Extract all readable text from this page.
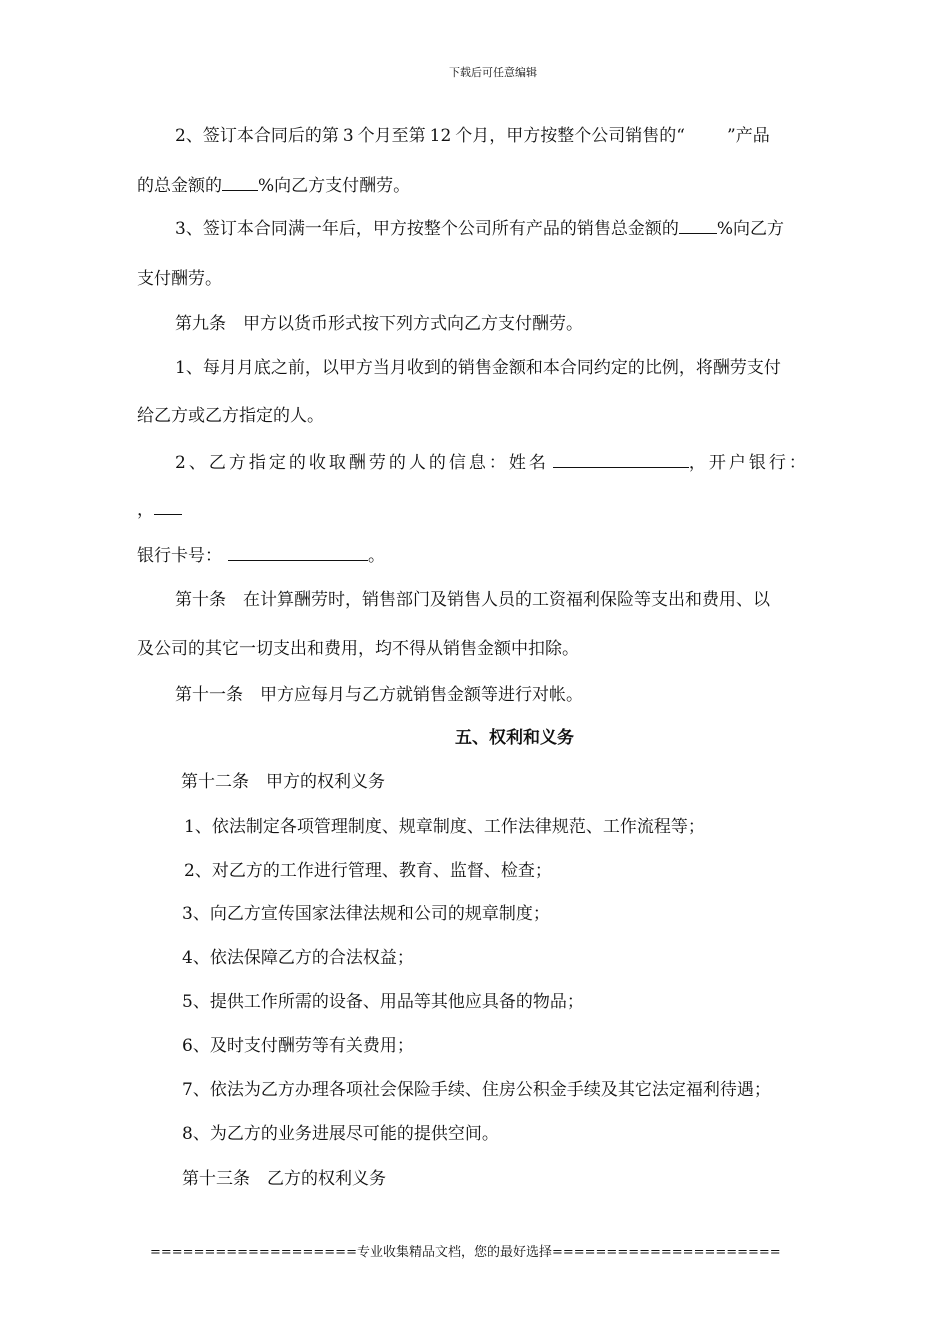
下载后可任意编辑
2、签订本合同后的第 3 个月至第 12 个月，甲方按整个公司销售的“ ”产品
的总金额的 %向乙方支付酬劳。
3、签订本合同满一年后，甲方按整个公司所有产品的销售总金额的 %向乙方
支付酬劳。
第九条　甲方以货币形式按下列方式向乙方支付酬劳。
1、每月月底之前，以甲方当月收到的销售金额和本合同约定的比例，将酬劳支付
给乙方或乙方指定的人。
2、乙方指定的收取酬劳的人的信息：姓名	，开户银行：
，
银行卡号：	。
第十条　在计算酬劳时，销售部门及销售人员的工资福利保险等支出和费用、以
及公司的其它一切支出和费用，均不得从销售金额中扣除。
第十一条　甲方应每月与乙方就销售金额等进行对帐。
五、权利和义务
第十二条　甲方的权利义务
1、依法制定各项管理制度、规章制度、工作法律规范、工作流程等；
2、对乙方的工作进行管理、教育、监督、检查；
3、向乙方宣传国家法律法规和公司的规章制度；
4、依法保障乙方的合法权益；
5、提供工作所需的设备、用品等其他应具备的物品；
6、及时支付酬劳等有关费用；
7、依法为乙方办理各项社会保险手续、住房公积金手续及其它法定福利待遇；
8、为乙方的业务进展尽可能的提供空间。
第十三条　乙方的权利义务
===================专业收集精品文档，您的最好选择=====================
